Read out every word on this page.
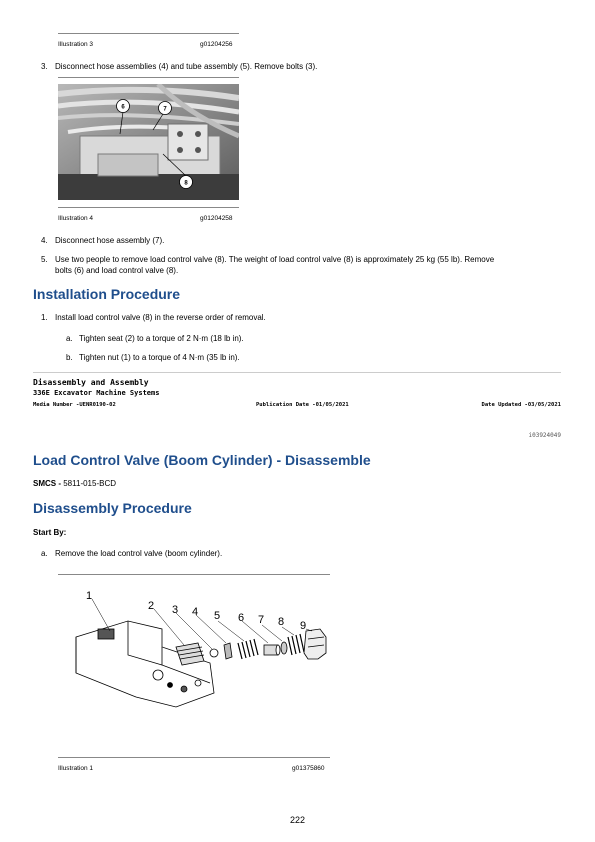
Illustration 3	g01204256
3. Disconnect hose assemblies (4) and tube assembly (5). Remove bolts (3).
6	7
8
Illustration 4	g01204258
4. Disconnect hose assembly (7).
5. Use two people to remove load control valve (8). The weight of load control valve (8) is approximately 25 kg (55 lb). Remove
bolts (6) and load control valve (8).
Installation Procedure
1. Install load control valve (8) in the reverse order of removal.
a. Tighten seat (2) to a torque of 2 N·m (18 lb in).
b. Tighten nut (1) to a torque of 4 N·m (35 lb in).
Disassembly and Assembly
336E Excavator Machine Systems
Media Number -UENR0190-02	Publication Date -01/05/2021	Date Updated -03/05/2021
i03924049
Load Control Valve (Boom Cylinder) - Disassemble
SMCS - 5811-015-BCD
Disassembly Procedure
Start By:
a. Remove the load control valve (boom cylinder).
1
2 3 4 5 6 7 8 9
Illustration 1	g01375860
222
